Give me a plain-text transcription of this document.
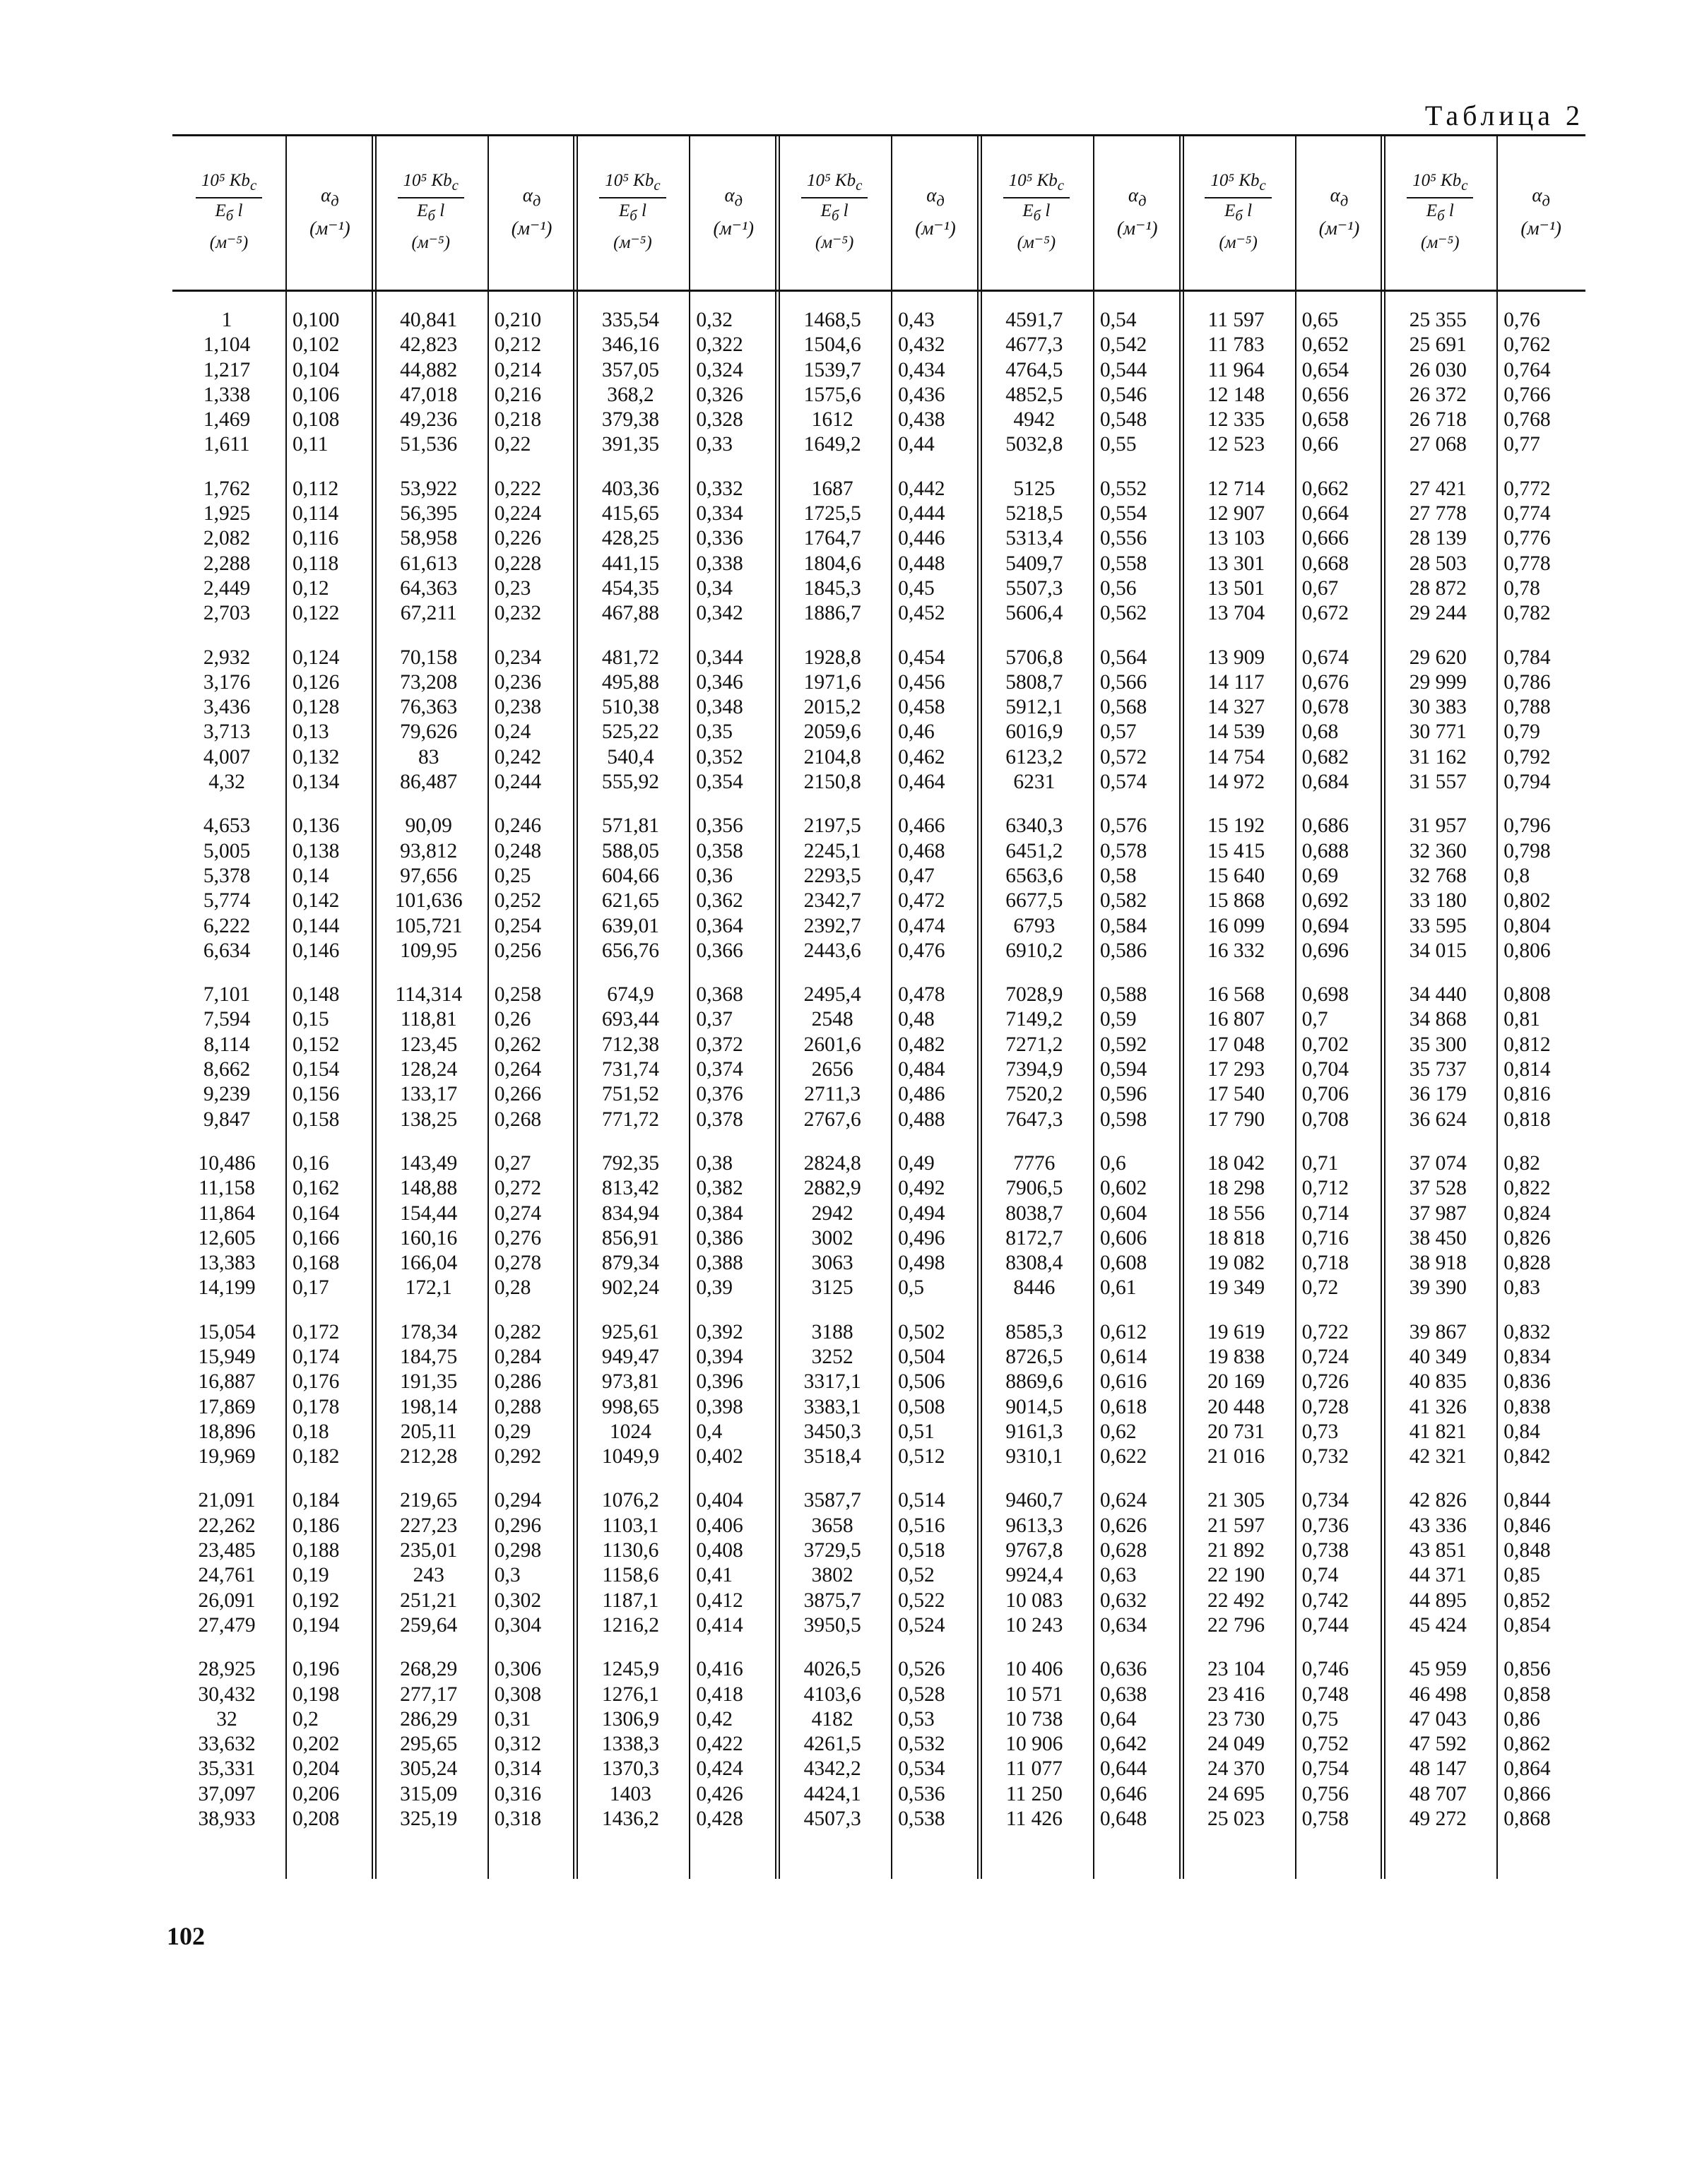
Таблица 2
$\frac{10^5 Kb_с}{E_б l}$
(м⁻⁵)
$\alpha_д$
(м⁻¹)
1
1,104
1,217
1,338
1,469
1,611
1,762
1,925
2,082
2,288
2,449
2,703
2,932
3,176
3,436
3,713
4,007
4,32
4,653
5,005
5,378
5,774
6,222
6,634
7,101
7,594
8,114
8,662
9,239
9,847
10,486
11,158
11,864
12,605
13,383
14,199
15,054
15,949
16,887
17,869
18,896
19,969
21,091
22,262
23,485
24,761
26,091
27,479
28,925
30,432
32
33,632
35,331
37,097
38,933
0,100
0,102
0,104
0,106
0,108
0,11
0,112
0,114
0,116
0,118
0,12
0,122
0,124
0,126
0,128
0,13
0,132
0,134
0,136
0,138
0,14
0,142
0,144
0,146
0,148
0,15
0,152
0,154
0,156
0,158
0,16
0,162
0,164
0,166
0,168
0,17
0,172
0,174
0,176
0,178
0,18
0,182
0,184
0,186
0,188
0,19
0,192
0,194
0,196
0,198
0,2
0,202
0,204
0,206
0,208
$\frac{10^5 Kb_с}{E_б l}$
(м⁻⁵)
$\alpha_д$
(м⁻¹)
40,841
42,823
44,882
47,018
49,236
51,536
53,922
56,395
58,958
61,613
64,363
67,211
70,158
73,208
76,363
79,626
83
86,487
90,09
93,812
97,656
101,636
105,721
109,95
114,314
118,81
123,45
128,24
133,17
138,25
143,49
148,88
154,44
160,16
166,04
172,1
178,34
184,75
191,35
198,14
205,11
212,28
219,65
227,23
235,01
243
251,21
259,64
268,29
277,17
286,29
295,65
305,24
315,09
325,19
0,210
0,212
0,214
0,216
0,218
0,22
0,222
0,224
0,226
0,228
0,23
0,232
0,234
0,236
0,238
0,24
0,242
0,244
0,246
0,248
0,25
0,252
0,254
0,256
0,258
0,26
0,262
0,264
0,266
0,268
0,27
0,272
0,274
0,276
0,278
0,28
0,282
0,284
0,286
0,288
0,29
0,292
0,294
0,296
0,298
0,3
0,302
0,304
0,306
0,308
0,31
0,312
0,314
0,316
0,318
$\frac{10^5 Kb_с}{E_б l}$
(м⁻⁵)
$\alpha_д$
(м⁻¹)
335,54
346,16
357,05
368,2
379,38
391,35
403,36
415,65
428,25
441,15
454,35
467,88
481,72
495,88
510,38
525,22
540,4
555,92
571,81
588,05
604,66
621,65
639,01
656,76
674,9
693,44
712,38
731,74
751,52
771,72
792,35
813,42
834,94
856,91
879,34
902,24
925,61
949,47
973,81
998,65
1024
1049,9
1076,2
1103,1
1130,6
1158,6
1187,1
1216,2
1245,9
1276,1
1306,9
1338,3
1370,3
1403
1436,2
0,32
0,322
0,324
0,326
0,328
0,33
0,332
0,334
0,336
0,338
0,34
0,342
0,344
0,346
0,348
0,35
0,352
0,354
0,356
0,358
0,36
0,362
0,364
0,366
0,368
0,37
0,372
0,374
0,376
0,378
0,38
0,382
0,384
0,386
0,388
0,39
0,392
0,394
0,396
0,398
0,4
0,402
0,404
0,406
0,408
0,41
0,412
0,414
0,416
0,418
0,42
0,422
0,424
0,426
0,428
$\frac{10^5 Kb_с}{E_б l}$
(м⁻⁵)
$\alpha_д$
(м⁻¹)
1468,5
1504,6
1539,7
1575,6
1612
1649,2
1687
1725,5
1764,7
1804,6
1845,3
1886,7
1928,8
1971,6
2015,2
2059,6
2104,8
2150,8
2197,5
2245,1
2293,5
2342,7
2392,7
2443,6
2495,4
2548
2601,6
2656
2711,3
2767,6
2824,8
2882,9
2942
3002
3063
3125
3188
3252
3317,1
3383,1
3450,3
3518,4
3587,7
3658
3729,5
3802
3875,7
3950,5
4026,5
4103,6
4182
4261,5
4342,2
4424,1
4507,3
0,43
0,432
0,434
0,436
0,438
0,44
0,442
0,444
0,446
0,448
0,45
0,452
0,454
0,456
0,458
0,46
0,462
0,464
0,466
0,468
0,47
0,472
0,474
0,476
0,478
0,48
0,482
0,484
0,486
0,488
0,49
0,492
0,494
0,496
0,498
0,5
0,502
0,504
0,506
0,508
0,51
0,512
0,514
0,516
0,518
0,52
0,522
0,524
0,526
0,528
0,53
0,532
0,534
0,536
0,538
$\frac{10^5 Kb_с}{E_б l}$
(м⁻⁵)
$\alpha_д$
(м⁻¹)
4591,7
4677,3
4764,5
4852,5
4942
5032,8
5125
5218,5
5313,4
5409,7
5507,3
5606,4
5706,8
5808,7
5912,1
6016,9
6123,2
6231
6340,3
6451,2
6563,6
6677,5
6793
6910,2
7028,9
7149,2
7271,2
7394,9
7520,2
7647,3
7776
7906,5
8038,7
8172,7
8308,4
8446
8585,3
8726,5
8869,6
9014,5
9161,3
9310,1
9460,7
9613,3
9767,8
9924,4
10 083
10 243
10 406
10 571
10 738
10 906
11 077
11 250
11 426
0,54
0,542
0,544
0,546
0,548
0,55
0,552
0,554
0,556
0,558
0,56
0,562
0,564
0,566
0,568
0,57
0,572
0,574
0,576
0,578
0,58
0,582
0,584
0,586
0,588
0,59
0,592
0,594
0,596
0,598
0,6
0,602
0,604
0,606
0,608
0,61
0,612
0,614
0,616
0,618
0,62
0,622
0,624
0,626
0,628
0,63
0,632
0,634
0,636
0,638
0,64
0,642
0,644
0,646
0,648
$\frac{10^5 Kb_с}{E_б l}$
(м⁻⁵)
$\alpha_д$
(м⁻¹)
11 597
11 783
11 964
12 148
12 335
12 523
12 714
12 907
13 103
13 301
13 501
13 704
13 909
14 117
14 327
14 539
14 754
14 972
15 192
15 415
15 640
15 868
16 099
16 332
16 568
16 807
17 048
17 293
17 540
17 790
18 042
18 298
18 556
18 818
19 082
19 349
19 619
19 838
20 169
20 448
20 731
21 016
21 305
21 597
21 892
22 190
22 492
22 796
23 104
23 416
23 730
24 049
24 370
24 695
25 023
0,65
0,652
0,654
0,656
0,658
0,66
0,662
0,664
0,666
0,668
0,67
0,672
0,674
0,676
0,678
0,68
0,682
0,684
0,686
0,688
0,69
0,692
0,694
0,696
0,698
0,7
0,702
0,704
0,706
0,708
0,71
0,712
0,714
0,716
0,718
0,72
0,722
0,724
0,726
0,728
0,73
0,732
0,734
0,736
0,738
0,74
0,742
0,744
0,746
0,748
0,75
0,752
0,754
0,756
0,758
$\frac{10^5 Kb_с}{E_б l}$
(м⁻⁵)
$\alpha_д$
(м⁻¹)
25 355
25 691
26 030
26 372
26 718
27 068
27 421
27 778
28 139
28 503
28 872
29 244
29 620
29 999
30 383
30 771
31 162
31 557
31 957
32 360
32 768
33 180
33 595
34 015
34 440
34 868
35 300
35 737
36 179
36 624
37 074
37 528
37 987
38 450
38 918
39 390
39 867
40 349
40 835
41 326
41 821
42 321
42 826
43 336
43 851
44 371
44 895
45 424
45 959
46 498
47 043
47 592
48 147
48 707
49 272
0,76
0,762
0,764
0,766
0,768
0,77
0,772
0,774
0,776
0,778
0,78
0,782
0,784
0,786
0,788
0,79
0,792
0,794
0,796
0,798
0,8
0,802
0,804
0,806
0,808
0,81
0,812
0,814
0,816
0,818
0,82
0,822
0,824
0,826
0,828
0,83
0,832
0,834
0,836
0,838
0,84
0,842
0,844
0,846
0,848
0,85
0,852
0,854
0,856
0,858
0,86
0,862
0,864
0,866
0,868
102
